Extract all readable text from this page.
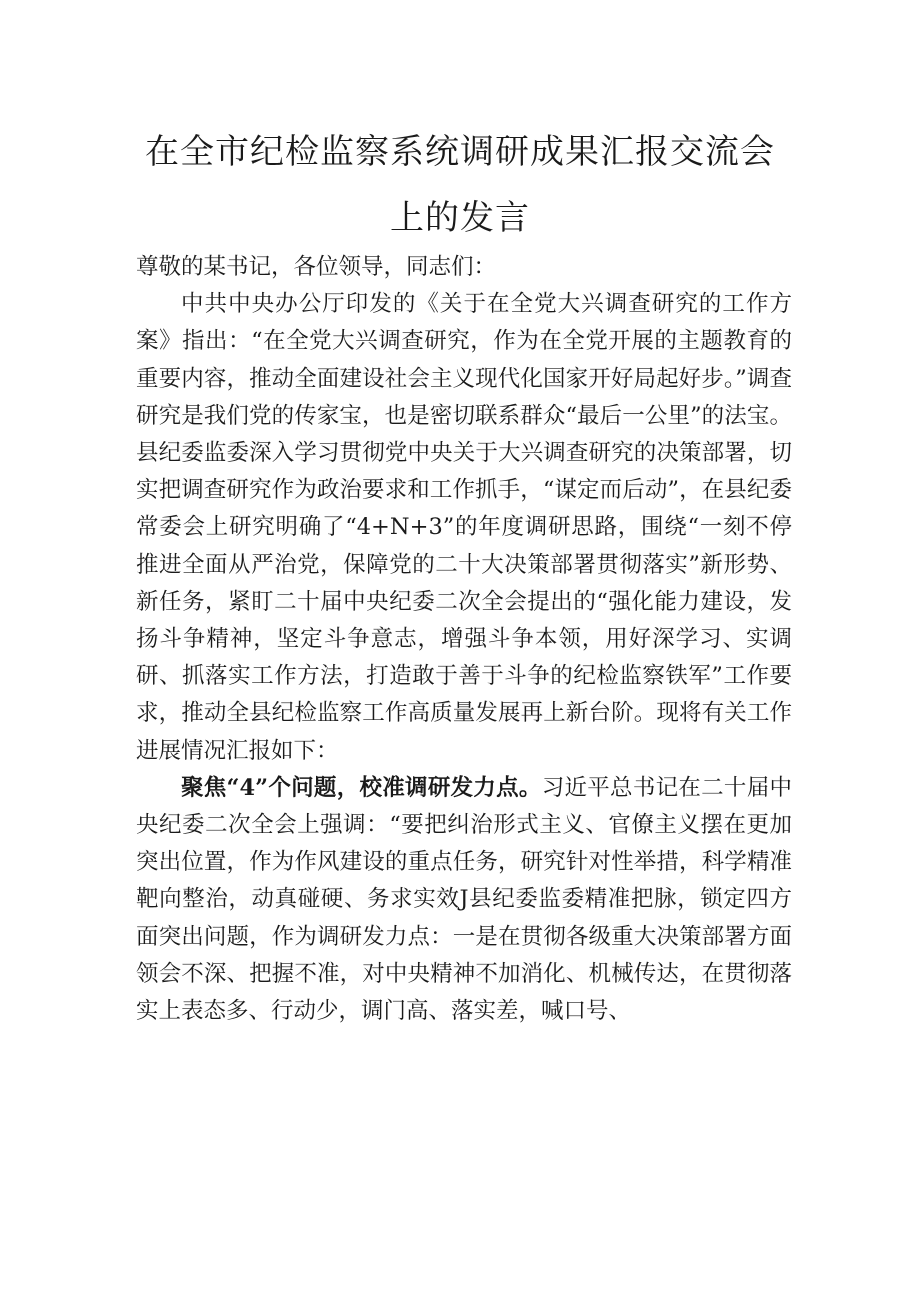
在全市纪检监察系统调研成果汇报交流会
上的发言

尊敬的某书记，各位领导，同志们：

中共中央办公厅印发的《关于在全党大兴调查研究的工作方案》指出：“在全党大兴调查研究，作为在全党开展的主题教育的重要内容，推动全面建设社会主义现代化国家开好局起好步。”调查研究是我们党的传家宝，也是密切联系群众“最后一公里”的法宝。县纪委监委深入学习贯彻党中央关于大兴调查研究的决策部署，切实把调查研究作为政治要求和工作抓手，“谋定而后动”，在县纪委常委会上研究明确了“4+N+3”的年度调研思路，围绕“一刻不停推进全面从严治党，保障党的二十大决策部署贯彻落实”新形势、新任务，紧盯二十届中央纪委二次全会提出的“强化能力建设，发扬斗争精神，坚定斗争意志，增强斗争本领，用好深学习、实调研、抓落实工作方法，打造敢于善于斗争的纪检监察铁军”工作要求，推动全县纪检监察工作高质量发展再上新台阶。现将有关工作进展情况汇报如下：

聚焦“4”个问题，校准调研发力点。习近平总书记在二十届中央纪委二次全会上强调：“要把纠治形式主义、官僚主义摆在更加突出位置，作为作风建设的重点任务，研究针对性举措，科学精准靶向整治，动真碰硬、务求实效J县纪委监委精准把脉，锁定四方面突出问题，作为调研发力点：一是在贯彻各级重大决策部署方面领会不深、把握不准，对中央精神不加消化、机械传达，在贯彻落实上表态多、行动少，调门高、落实差，喊口号、
